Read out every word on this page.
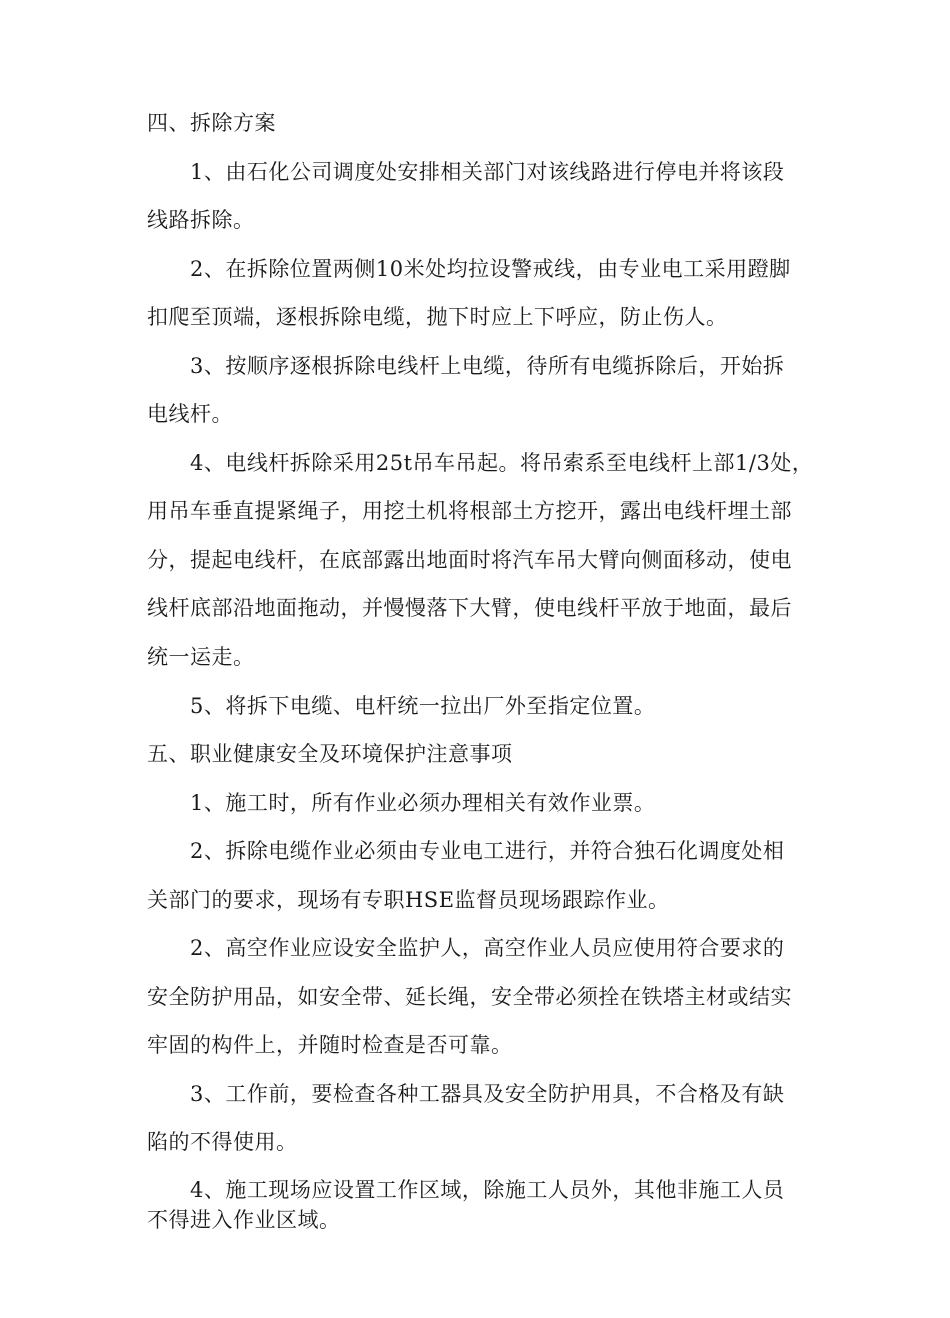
四、拆除方案
1、由石化公司调度处安排相关部门对该线路进行停电并将该段
线路拆除。
2、在拆除位置两侧10米处均拉设警戒线，由专业电工采用蹬脚
扣爬至顶端，逐根拆除电缆，抛下时应上下呼应，防止伤人。
3、按顺序逐根拆除电线杆上电缆，待所有电缆拆除后，开始拆
电线杆。
4、电线杆拆除采用25t吊车吊起。将吊索系至电线杆上部1/3处，
用吊车垂直提紧绳子，用挖土机将根部土方挖开，露出电线杆埋土部
分，提起电线杆，在底部露出地面时将汽车吊大臂向侧面移动，使电
线杆底部沿地面拖动，并慢慢落下大臂，使电线杆平放于地面，最后
统一运走。
5、将拆下电缆、电杆统一拉出厂外至指定位置。
五、职业健康安全及环境保护注意事项
1、施工时，所有作业必须办理相关有效作业票。
2、拆除电缆作业必须由专业电工进行，并符合独石化调度处相
关部门的要求，现场有专职HSE监督员现场跟踪作业。
2、高空作业应设安全监护人，高空作业人员应使用符合要求的
安全防护用品，如安全带、延长绳，安全带必须拴在铁塔主材或结实
牢固的构件上，并随时检查是否可靠。
3、工作前，要检查各种工器具及安全防护用具，不合格及有缺
陷的不得使用。
4、施工现场应设置工作区域，除施工人员外，其他非施工人员
不得进入作业区域。
